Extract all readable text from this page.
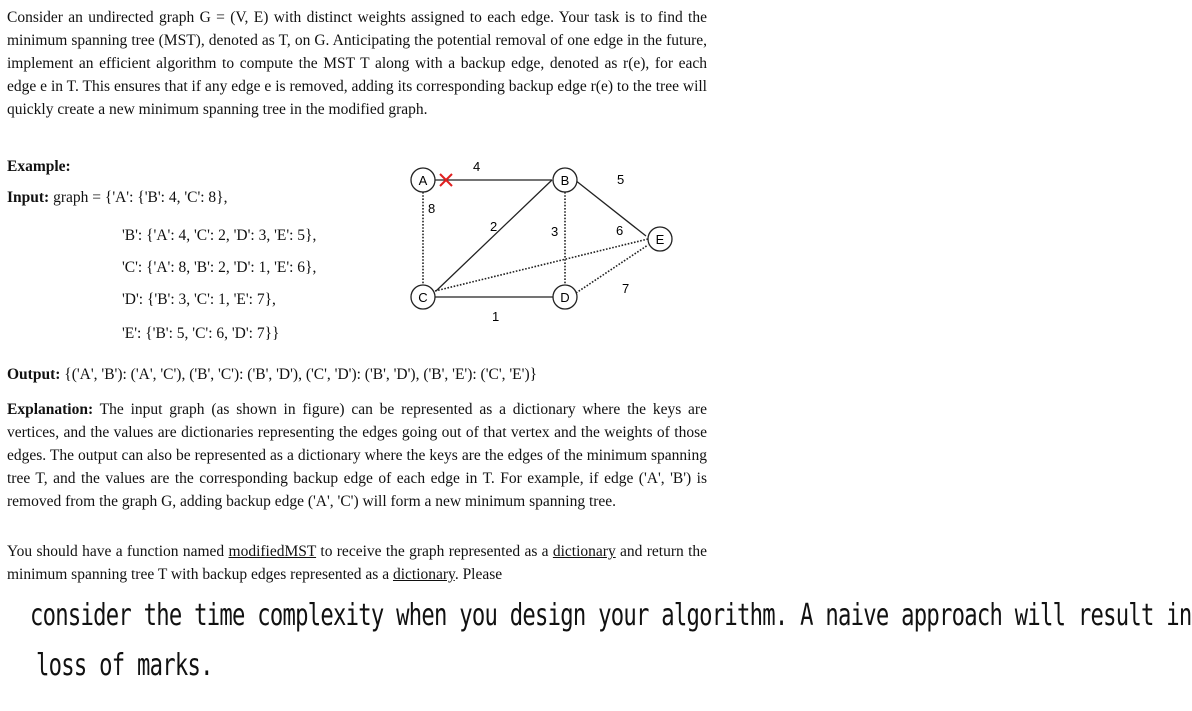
Consider an undirected graph G = (V, E) with distinct weights assigned to each edge. Your task is to find the minimum spanning tree (MST), denoted as T, on G. Anticipating the potential removal of one edge in the future, implement an efficient algorithm to compute the MST T along with a backup edge, denoted as r(e), for each edge e in T. This ensures that if any edge e is removed, adding its corresponding backup edge r(e) to the tree will quickly create a new minimum spanning tree in the modified graph.
Example:
Input: graph = {'A': {'B': 4, 'C': 8},
'B': {'A': 4, 'C': 2, 'D': 3, 'E': 5},
'C': {'A': 8, 'B': 2, 'D': 1, 'E': 6},
'D': {'B': 3, 'C': 1, 'E': 7},
'E': {'B': 5, 'C': 6, 'D': 7}}
4
8
2	3
5
6
7
1
A	B
C	D
E
Output: {('A', 'B'): ('A', 'C'), ('B', 'C'): ('B', 'D'), ('C', 'D'): ('B', 'D'), ('B', 'E'): ('C', 'E')}
Explanation: The input graph (as shown in figure) can be represented as a dictionary where the keys are vertices, and the values are dictionaries representing the edges going out of that vertex and the weights of those edges. The output can also be represented as a dictionary where the keys are the edges of the minimum spanning tree T, and the values are the corresponding backup edge of each edge in T. For example, if edge ('A', 'B') is removed from the graph G, adding backup edge ('A', 'C') will form a new minimum spanning tree.
You should have a function named modifiedMST to receive the graph represented as a dictionary and return the minimum spanning tree T with backup edges represented as a dictionary. Please
consider the time complexity when you design your algorithm. A naive approach will result in
loss of marks.
